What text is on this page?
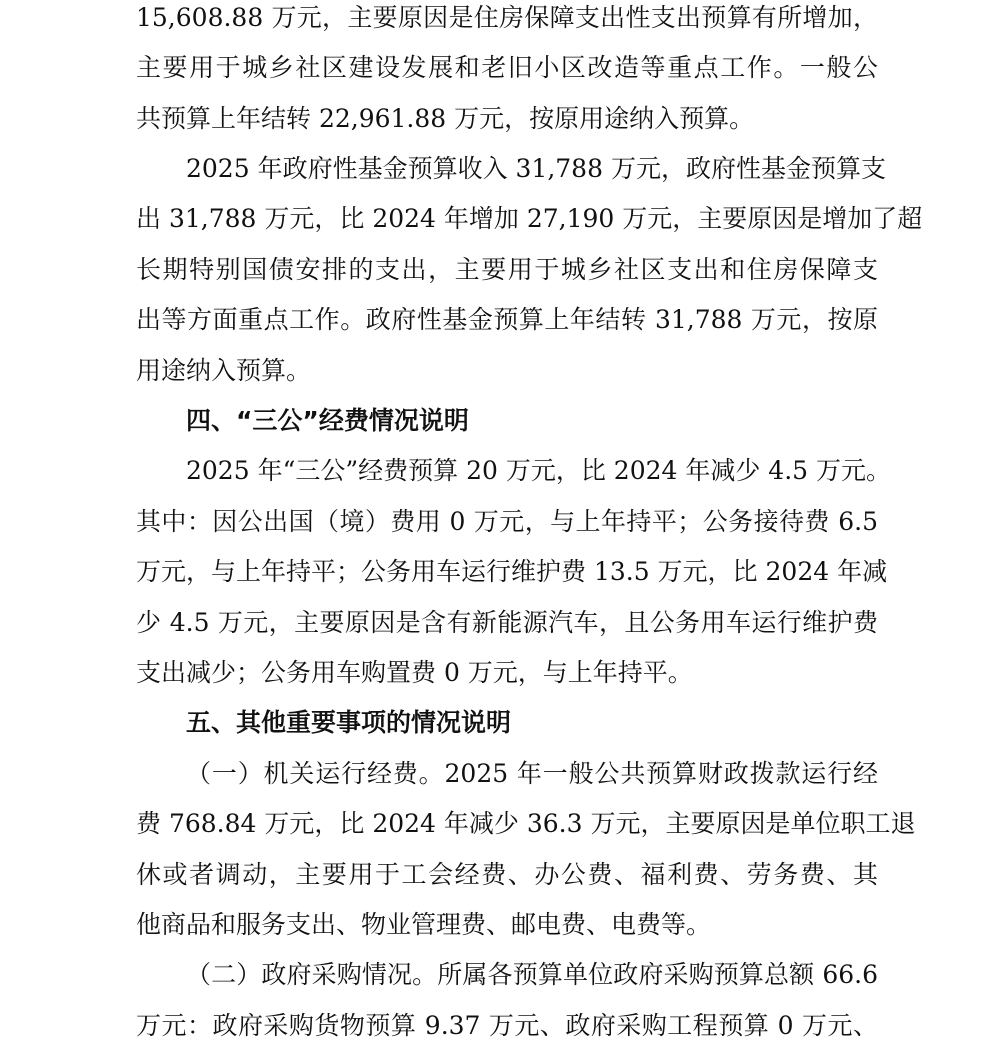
15,608.88 万元，主要原因是住房保障支出性支出预算有所增加，
主要用于城乡社区建设发展和老旧小区改造等重点工作。一般公
共预算上年结转 22,961.88 万元，按原用途纳入预算。
2025 年政府性基金预算收入 31,788 万元，政府性基金预算支
出 31,788 万元，比 2024 年增加 27,190 万元，主要原因是增加了超
长期特别国债安排的支出，主要用于城乡社区支出和住房保障支
出等方面重点工作。政府性基金预算上年结转 31,788 万元，按原
用途纳入预算。
四、“三公”经费情况说明
2025 年“三公”经费预算 20 万元，比 2024 年减少 4.5 万元。
其中：因公出国（境）费用 0 万元，与上年持平；公务接待费 6.5
万元，与上年持平；公务用车运行维护费 13.5 万元，比 2024 年减
少 4.5 万元，主要原因是含有新能源汽车，且公务用车运行维护费
支出减少；公务用车购置费 0 万元，与上年持平。
五、其他重要事项的情况说明
（一）机关运行经费。2025 年一般公共预算财政拨款运行经
费 768.84 万元，比 2024 年减少 36.3 万元，主要原因是单位职工退
休或者调动，主要用于工会经费、办公费、福利费、劳务费、其
他商品和服务支出、物业管理费、邮电费、电费等。
（二）政府采购情况。所属各预算单位政府采购预算总额 66.6
万元：政府采购货物预算 9.37 万元、政府采购工程预算 0 万元、
